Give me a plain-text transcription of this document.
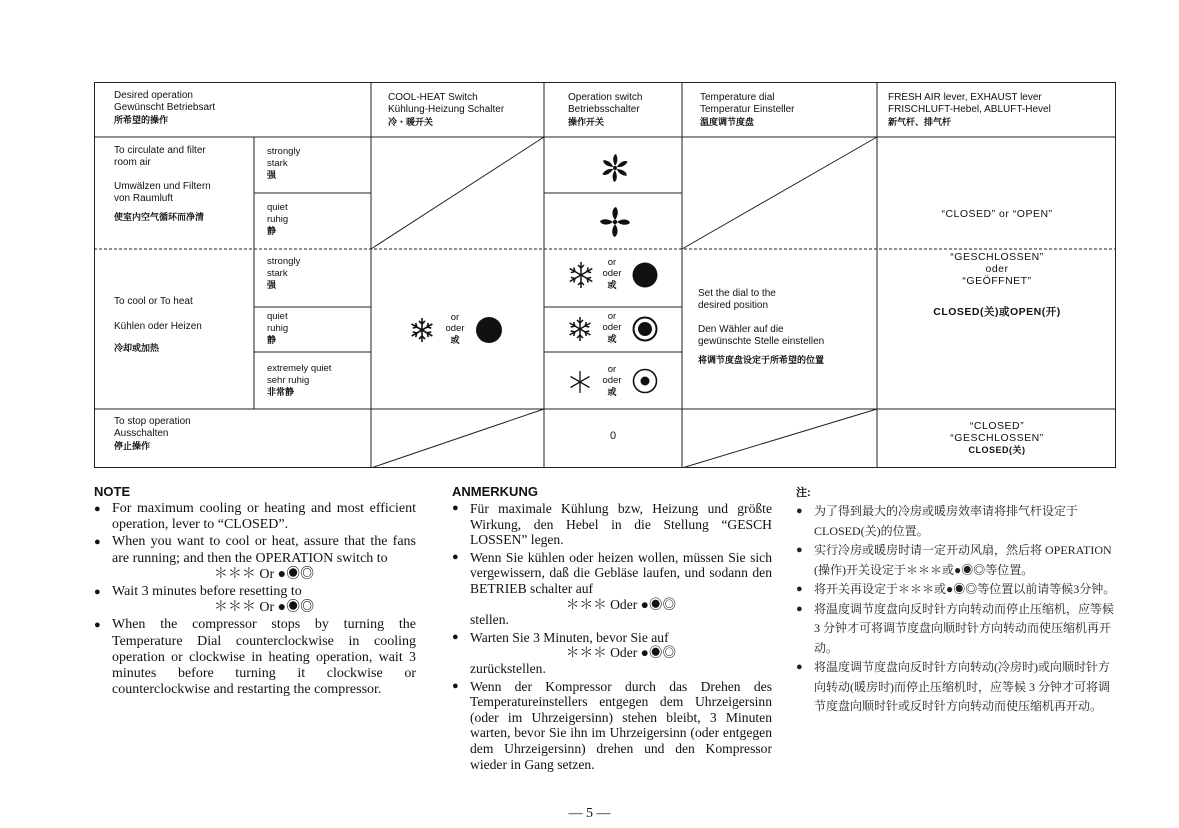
Desired operation
Gewünscht Betriebsart
所希望的操作
COOL-HEAT Switch
Kühlung-Heizung Schalter
冷・暖开关
Operation switch
Betriebsschalter
操作开关
Temperature dial
Temperatur Einsteller
温度调节度盘
FRESH AIR lever, EXHAUST lever
FRISCHLUFT-Hebel, ABLUFT-Hevel
新气杆、排气杆
To circulate and filter
room air
Umwälzen und Filtern
von Raumluft
使室内空气循环而净清
strongly
stark
强
quiet
ruhig
静
To cool or To heat
Kühlen oder Heizen
冷却或加热
strongly
stark
强
quiet
ruhig
静
extremely quiet
sehr ruhig
非常静
or
oder
或
or
oder
或
or
oder
或
or
oder
或
Set the dial to the
desired position
Den Wähler auf die
gewünschte Stelle einstellen
将调节度盘设定于所希望的位置
“CLOSED” or “OPEN”
“GESCHLOSSEN”
oder
“GEÖFFNET”
CLOSED(关)或OPEN(开)
To stop operation
Ausschalten
停止操作
0
“CLOSED”
“GESCHLOSSEN”
CLOSED(关)
NOTE
● For maximum cooling or heating and most efficient operation, lever to “CLOSED”.
● When you want to cool or heat, assure that the fans are running; and then the OPERATION switch to
＊＊＊ Or ●◉◎
● Wait 3 minutes before resetting to
＊＊＊ Or ●◉◎
● When the compressor stops by turning the Temperature Dial counterclockwise in cooling operation or clockwise in heating operation, wait 3 minutes before turning it clockwise or counterclockwise and restarting the compressor.
ANMERKUNG
● Für maximale Kühlung bzw, Heizung und größte Wirkung, den Hebel in die Stellung “GESCH LOSSEN” legen.
● Wenn Sie kühlen oder heizen wollen, müssen Sie sich vergewissern, daß die Gebläse laufen, und sodann den BETRIEB schalter auf
＊＊＊ Oder ●◉◎
stellen.
● Warten Sie 3 Minuten, bevor Sie auf
＊＊＊ Oder ●◉◎
zurückstellen.
● Wenn der Kompressor durch das Drehen des Temperatureinstellers entgegen dem Uhrzeigersinn (oder im Uhrzeigersinn) stehen bleibt, 3 Minuten warten, bevor Sie ihn im Uhrzeigersinn (oder entgegen dem Uhrzeigersinn) drehen und den Kompressor wieder in Gang setzen.
注:
● 为了得到最大的冷房或暖房效率请将排气杆设定于CLOSED(关)的位置。
● 实行冷房或暖房时请一定开动风扇，然后将 OPERATION (操作)开关设定于＊＊＊或●◉◎等位置。
● 将开关再设定于＊＊＊或●◉◎等位置以前请等候3分钟。
● 将温度调节度盘向反时针方向转动而停止压缩机，应等候 3 分钟才可将调节度盘向顺时针方向转动而使压缩机再开动。
● 将温度调节度盘向反时针方向转动(冷房时)或向顺时针方向转动(暖房时)而停止压缩机时，应等候 3 分钟才可将调节度盘向顺时针或反时针方向转动而使压缩机再开动。
— 5 —
